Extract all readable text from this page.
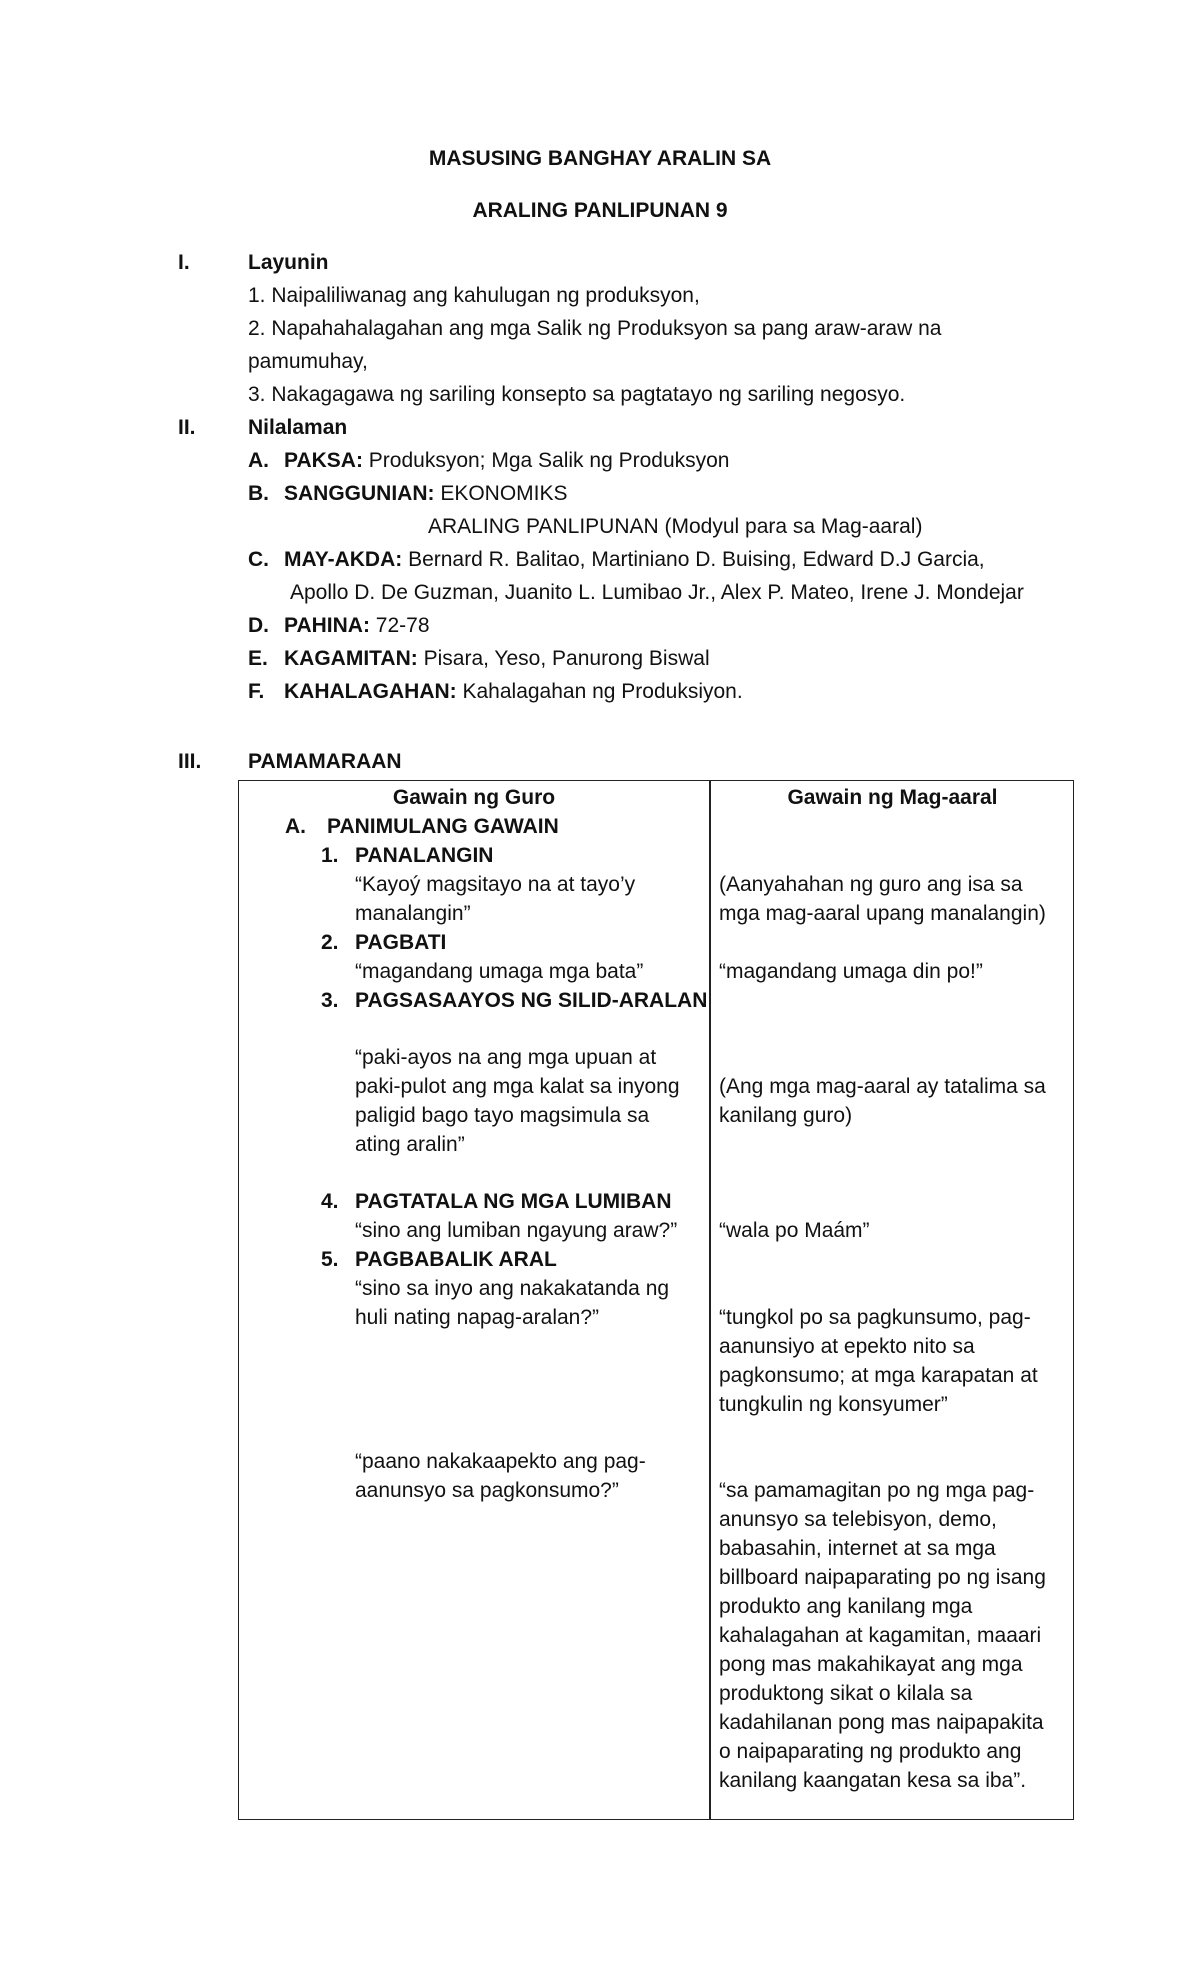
MASUSING BANGHAY ARALIN SA
ARALING PANLIPUNAN 9
I.	Layunin
1. Naipaliliwanag ang kahulugan ng produksyon,
2. Napahahalagahan ang mga Salik ng Produksyon sa pang araw-araw na
pamumuhay,
3. Nakagagawa ng sariling konsepto sa pagtatayo ng sariling negosyo.
II. Nilalaman
A. PAKSA: Produksyon; Mga Salik ng Produksyon
B. SANGGUNIAN: EKONOMIKS
ARALING PANLIPUNAN (Modyul para sa Mag-aaral)
C. MAY-AKDA: Bernard R. Balitao, Martiniano D. Buising, Edward D.J Garcia,
Apollo D. De Guzman, Juanito L. Lumibao Jr., Alex P. Mateo, Irene J. Mondejar
D. PAHINA: 72-78
E. KAGAMITAN: Pisara, Yeso, Panurong Biswal
F. KAHALAGAHAN: Kahalagahan ng Produksiyon.
III. PAMAMARAAN
Gawain ng Guro	Gawain ng Mag-aaral
A. PANIMULANG GAWAIN
1. PANALANGIN
“Kayoý magsitayo na at tayo’y
manalangin”
2. PAGBATI
“magandang umaga mga bata”
3. PAGSASAAYOS NG SILID-ARALAN
“paki-ayos na ang mga upuan at
paki-pulot ang mga kalat sa inyong
paligid bago tayo magsimula sa
ating aralin”
4. PAGTATALA NG MGA LUMIBAN
“sino ang lumiban ngayung araw?”
5. PAGBABALIK ARAL
“sino sa inyo ang nakakatanda ng
huli nating napag-aralan?”
“paano nakakaapekto ang pag-
aanunsyo sa pagkonsumo?”
(Aanyahahan ng guro ang isa sa
mga mag-aaral upang manalangin)
“magandang umaga din po!”
(Ang mga mag-aaral ay tatalima sa
kanilang guro)
“wala po Maám”
“tungkol po sa pagkunsumo, pag-
aanunsiyo at epekto nito sa
pagkonsumo; at mga karapatan at
tungkulin ng konsyumer”
“sa pamamagitan po ng mga pag-
anunsyo sa telebisyon, demo,
babasahin, internet at sa mga
billboard naipaparating po ng isang
produkto ang kanilang mga
kahalagahan at kagamitan, maaari
pong mas makahikayat ang mga
produktong sikat o kilala sa
kadahilanan pong mas naipapakita
o naipaparating ng produkto ang
kanilang kaangatan kesa sa iba”.
